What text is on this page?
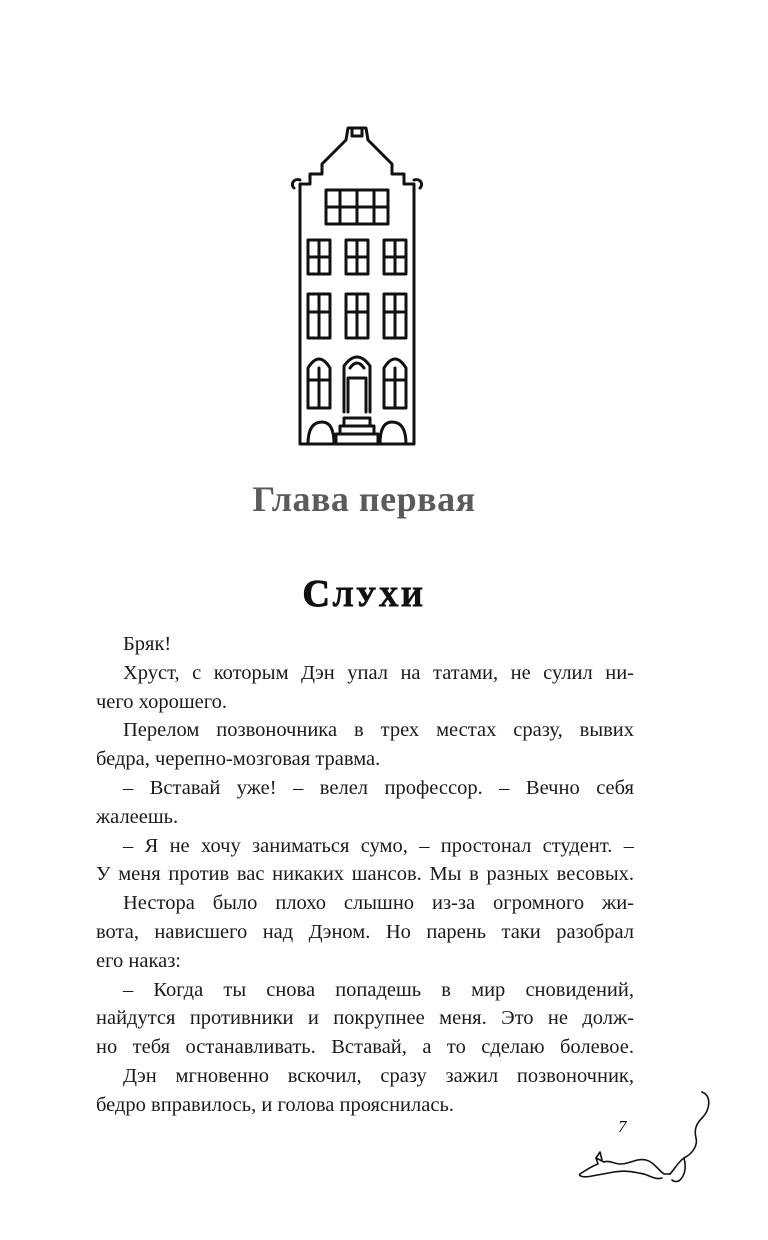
Глава первая
Слухи

Бряк!

Хруст, с которым Дэн упал на татами, не сулил ни-

чего хорошего.

Перелом позвоночника в трех местах сразу, вывих

бедра, черепно-мозговая травма.

– Вставай уже! – велел профессор. – Вечно себя

жалеешь.

– Я не хочу заниматься сумо, – простонал студент. –

У меня против вас никаких шансов. Мы в разных весовых.

Нестора было плохо слышно из-за огромного жи-

вота, нависшего над Дэном. Но парень таки разобрал

его наказ:

– Когда ты снова попадешь в мир сновидений,

найдутся противники и покрупнее меня. Это не долж-

но тебя останавливать. Вставай, а то сделаю болевое.

Дэн мгновенно вскочил, сразу зажил позвоночник,

бедро вправилось, и голова прояснилась.

7
